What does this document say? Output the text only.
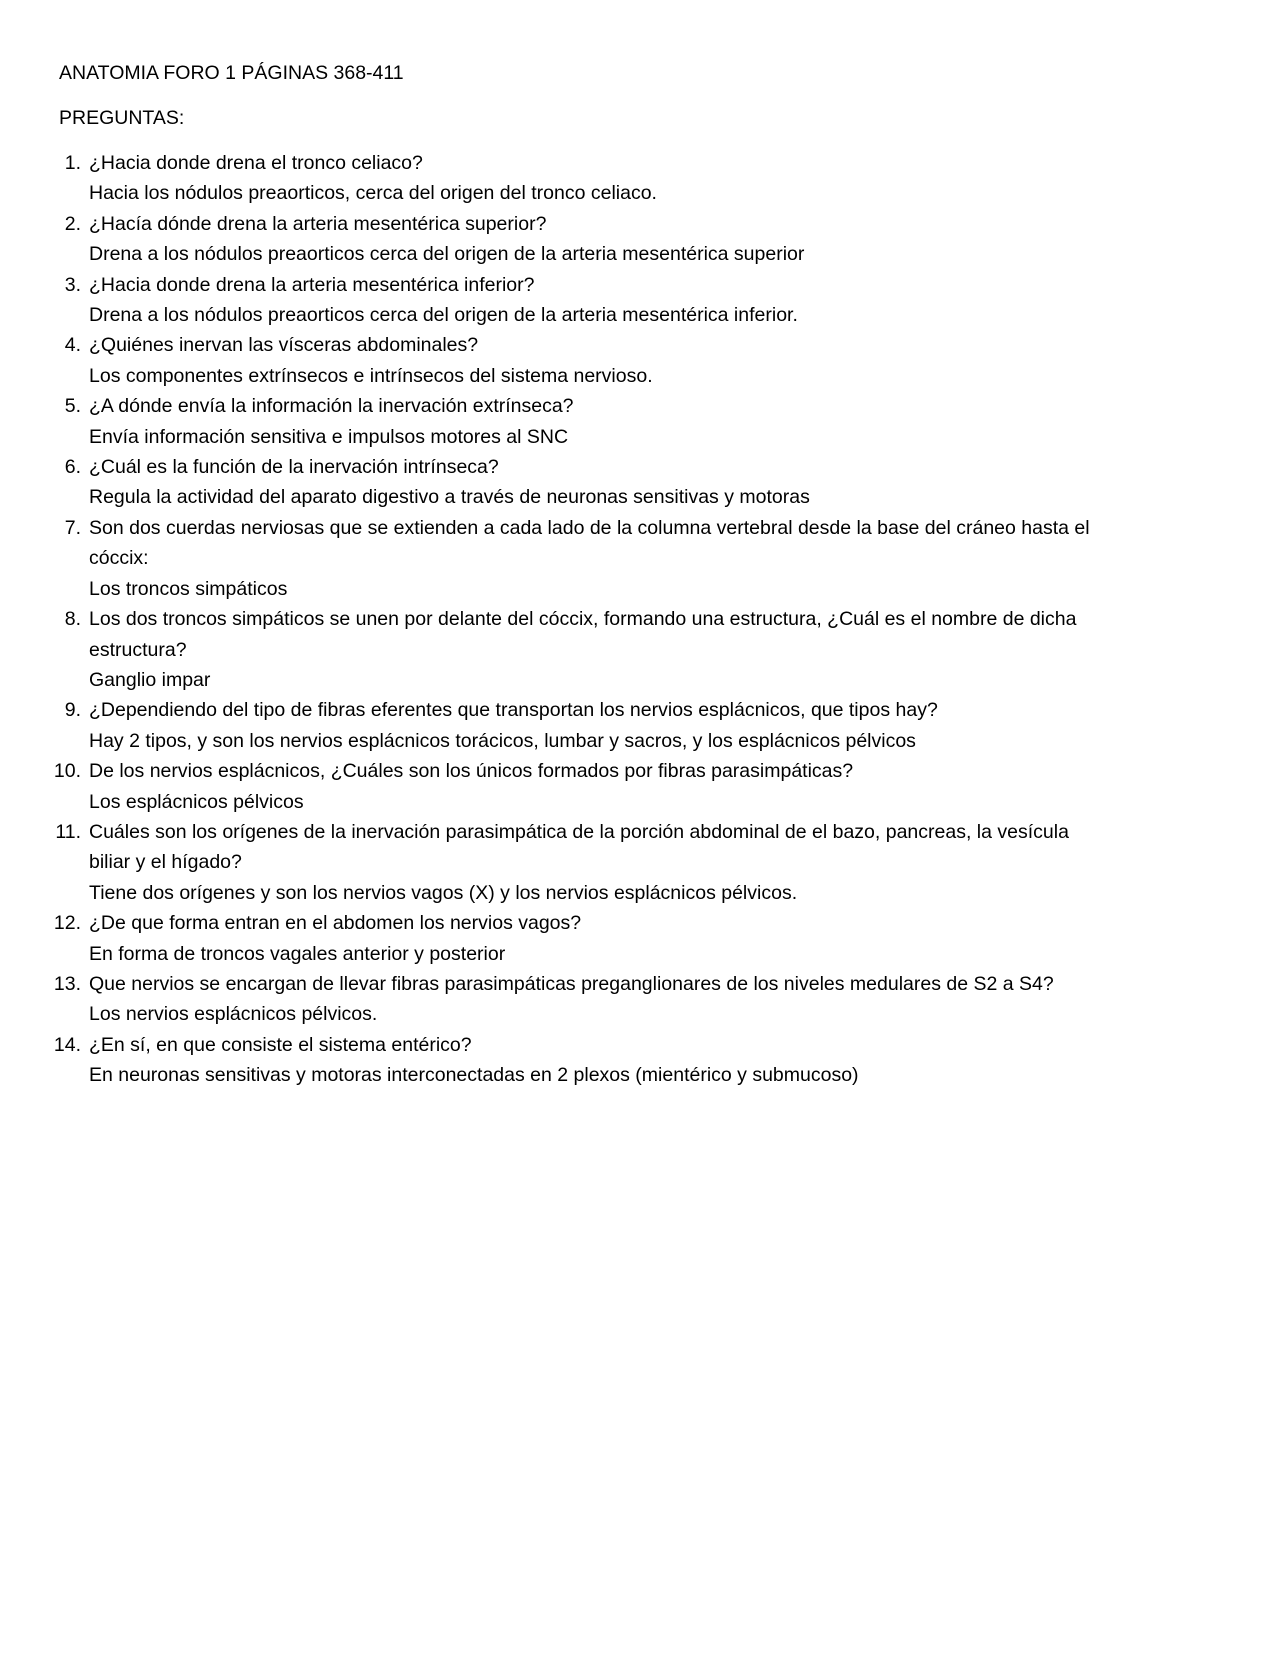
ANATOMIA FORO 1 PÁGINAS 368-411
PREGUNTAS:
1. ¿Hacia donde drena el tronco celiaco?
Hacia los nódulos preaorticos, cerca del origen del tronco celiaco.
2. ¿Hacía dónde drena la arteria mesentérica superior?
Drena a los nódulos preaorticos cerca del origen de la arteria mesentérica superior
3. ¿Hacia donde drena la arteria mesentérica inferior?
Drena a los nódulos preaorticos cerca del origen de la arteria mesentérica inferior.
4. ¿Quiénes inervan las vísceras abdominales?
Los componentes extrínsecos e intrínsecos del sistema nervioso.
5. ¿A dónde envía la información la inervación extrínseca?
Envía información sensitiva e impulsos motores al SNC
6. ¿Cuál es la función de la inervación intrínseca?
Regula la actividad del aparato digestivo a través de neuronas sensitivas y motoras
7. Son dos cuerdas nerviosas que se extienden a cada lado de la columna vertebral desde la base del cráneo hasta el cóccix:
Los troncos simpáticos
8. Los dos troncos simpáticos se unen por delante del cóccix, formando una estructura, ¿Cuál es el nombre de dicha estructura?
Ganglio impar
9. ¿Dependiendo del tipo de fibras eferentes que transportan los nervios esplácnicos, que tipos hay?
Hay 2 tipos, y son los nervios esplácnicos torácicos, lumbar y sacros, y los esplácnicos pélvicos
10. De los nervios esplácnicos, ¿Cuáles son los únicos formados por fibras parasimpáticas?
Los esplácnicos pélvicos
11. Cuáles son los orígenes de la inervación parasimpática de la porción abdominal de el bazo, pancreas, la vesícula biliar y el hígado?
Tiene dos orígenes y son los nervios vagos (X) y los nervios esplácnicos pélvicos.
12. ¿De que forma entran en el abdomen los nervios vagos?
En forma de troncos vagales anterior y posterior
13. Que nervios se encargan de llevar fibras parasimpáticas preganglionares de los niveles medulares de S2 a S4?
Los nervios esplácnicos pélvicos.
14. ¿En sí, en que consiste el sistema entérico?
En neuronas sensitivas y motoras interconectadas en 2 plexos (mientérico y submucoso)
